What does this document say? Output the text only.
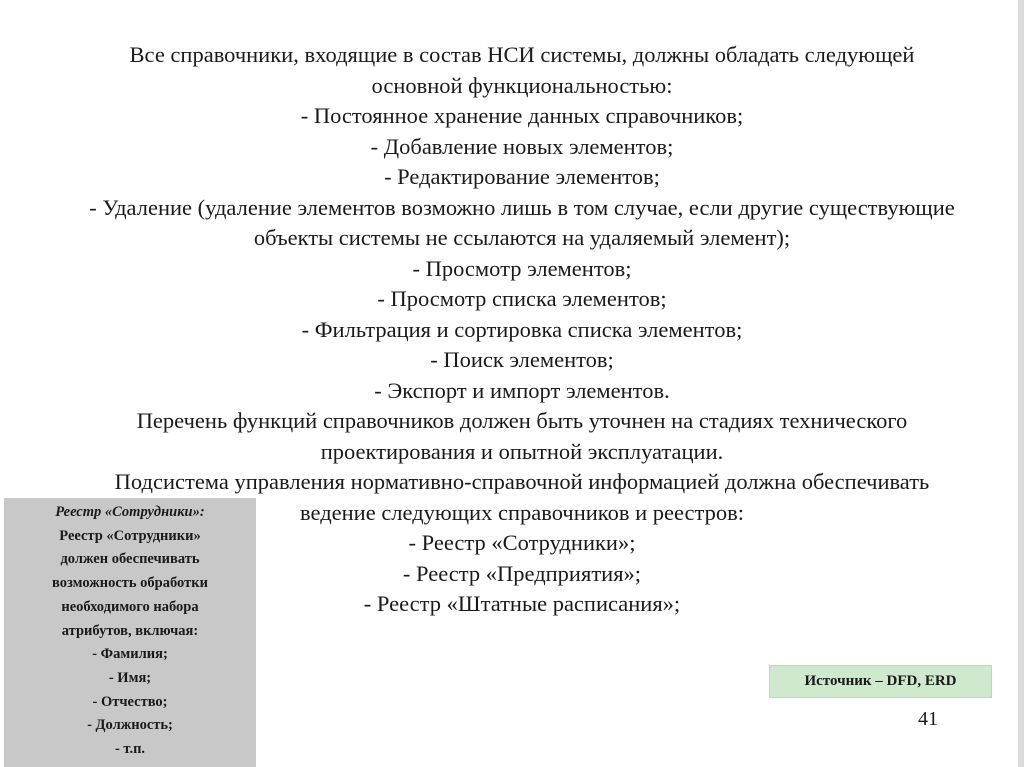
Все справочники, входящие в состав НСИ системы, должны обладать следующей
основной функциональностью:
- Постоянное хранение данных справочников;
- Добавление новых элементов;
- Редактирование элементов;
- Удаление (удаление элементов возможно лишь в том случае, если другие существующие
объекты системы не ссылаются на удаляемый элемент);
- Просмотр элементов;
- Просмотр списка элементов;
- Фильтрация и сортировка списка элементов;
- Поиск элементов;
- Экспорт и импорт элементов.
Перечень функций справочников должен быть уточнен на стадиях технического
проектирования и опытной эксплуатации.
Подсистема управления нормативно-справочной информацией должна обеспечивать
ведение следующих справочников и реестров:
- Реестр «Сотрудники»;
- Реестр «Предприятия»;
- Реестр «Штатные расписания»;
Реестр «Сотрудники»:
Реестр «Сотрудники»
должен обеспечивать
возможность обработки
необходимого набора
атрибутов, включая:
- Фамилия;
- Имя;
- Отчество;
- Должность;
- т.п.
Источник – DFD, ERD
41
